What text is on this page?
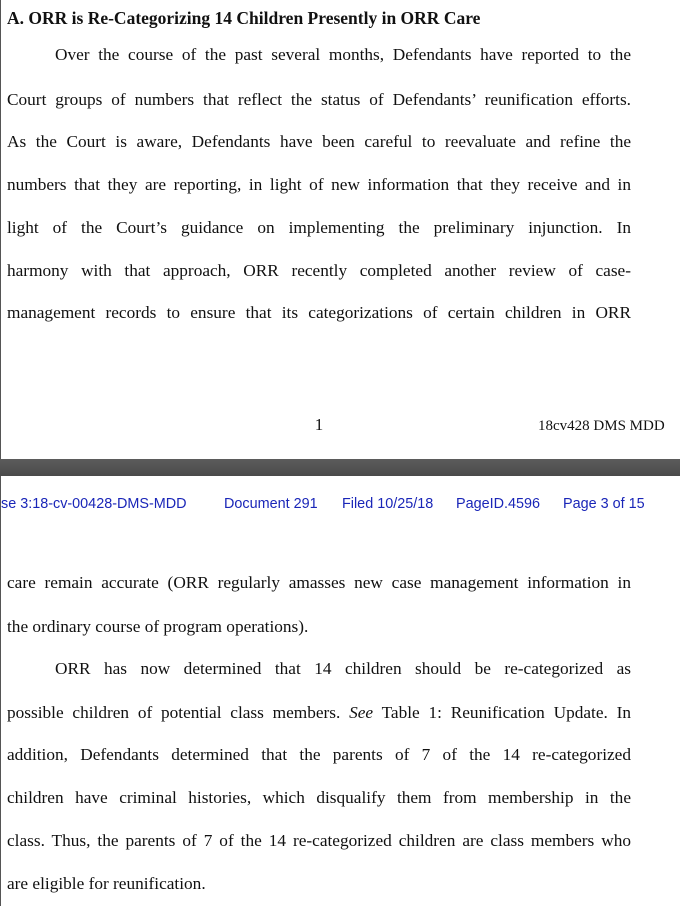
A. ORR is Re-Categorizing 14 Children Presently in ORR Care
Over the course of the past several months, Defendants have reported to the
Court groups of numbers that reflect the status of Defendants’ reunification efforts.
As the Court is aware, Defendants have been careful to reevaluate and refine the
numbers that they are reporting, in light of new information that they receive and in
light of the Court’s guidance on implementing the preliminary injunction. In
harmony with that approach, ORR recently completed another review of case-
management records to ensure that its categorizations of certain children in ORR
1	18cv428 DMS MDD
se 3:18-cv-00428-DMS-MDD	Document 291 Filed 10/25/18 PageID.4596 Page 3 of 15
care remain accurate (ORR regularly amasses new case management information in
the ordinary course of program operations).
ORR has now determined that 14 children should be re-categorized as
possible children of potential class members. See Table 1: Reunification Update. In
addition, Defendants determined that the parents of 7 of the 14 re-categorized
children have criminal histories, which disqualify them from membership in the
class. Thus, the parents of 7 of the 14 re-categorized children are class members who
are eligible for reunification.
